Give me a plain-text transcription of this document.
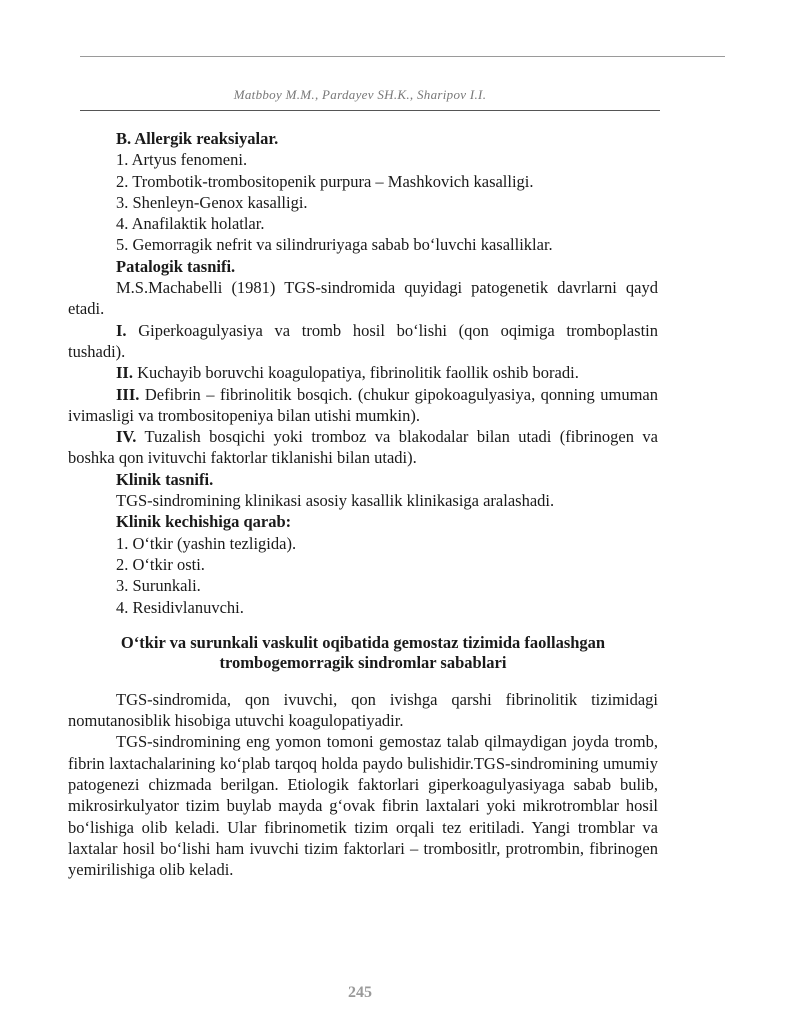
Matbboy M.M., Pardayev SH.K., Sharipov I.I.

B. Allergik reaksiyalar.

1. Artyus fenomeni.

2. Trombotik-trombositopenik purpura – Mashkovich kasalligi.

3. Shenleyn-Genox kasalligi.

4. Anafilaktik holatlar.

5. Gemorragik nefrit va silindruriyaga sabab bo‘luvchi kasalliklar.

Patalogik tasnifi.

M.S.Machabelli (1981) TGS-sindromida quyidagi patogenetik davrlarni qayd etadi.

I. Giperkoagulyasiya va tromb hosil bo‘lishi (qon oqimiga tromboplastin tushadi).

II. Kuchayib boruvchi koagulopatiya, fibrinolitik faollik oshib boradi.

III. Defibrin – fibrinolitik bosqich. (chukur gipokoagulyasiya, qonning umuman ivimasligi va trombositopeniya bilan utishi mumkin).

IV. Tuzalish bosqichi yoki tromboz va blakodalar bilan utadi (fibrinogen va boshka qon ivituvchi faktorlar tiklanishi bilan utadi).

Klinik tasnifi.

TGS-sindromining klinikasi asosiy kasallik klinikasiga aralashadi.

Klinik kechishiga qarab:

1. O‘tkir (yashin tezligida).

2. O‘tkir osti.

3. Surunkali.

4. Residivlanuvchi.

O‘tkir va surunkali vaskulit oqibatida gemostaz tizimida faollashgan trombogemorragik sindromlar sabablari

TGS-sindromida, qon ivuvchi, qon ivishga qarshi fibrinolitik tizimidagi nomutanosiblik hisobiga utuvchi koagulopatiyadir.

TGS-sindromining eng yomon tomoni gemostaz talab qilmaydigan joyda tromb, fibrin laxtachalarining ko‘plab tarqoq holda paydo bulishidir.TGS-sindromining umumiy patogenezi chizmada berilgan. Etiologik faktorlari giperkoagulyasiyaga sabab bulib, mikrosirkulyator tizim buylab mayda g‘ovak fibrin laxtalari yoki mikrotromblar hosil bo‘lishiga olib keladi. Ular fibrinometik tizim orqali tez eritiladi. Yangi tromblar va laxtalar hosil bo‘lishi ham ivuvchi tizim faktorlari – trombositlr, protrombin, fibrinogen yemirilishiga olib keladi.

245
